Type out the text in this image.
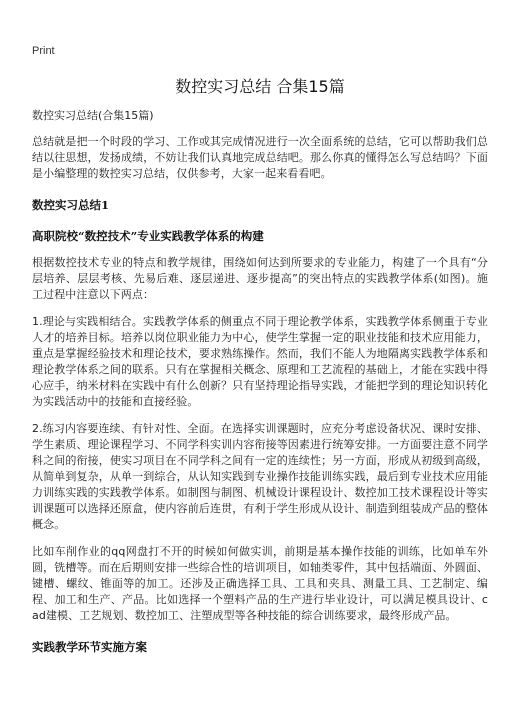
Print
数控实习总结 合集15篇
数控实习总结(合集15篇)
总结就是把一个时段的学习、工作或其完成情况进行一次全面系统的总结，它可以帮助我们总结以往思想，发扬成绩，不妨让我们认真地完成总结吧。那么你真的懂得怎么写总结吗？下面是小编整理的数控实习总结，仅供参考，大家一起来看看吧。
数控实习总结1
高职院校“数控技术”专业实践教学体系的构建
根据数控技术专业的特点和教学规律，围绕如何达到所要求的专业能力，构建了一个具有“分层培养、层层考核、先易后难、逐层递进、逐步提高”的突出特点的实践教学体系(如图)。施工过程中注意以下两点：
1.理论与实践相结合。实践教学体系的侧重点不同于理论教学体系，实践教学体系侧重于专业人才的培养目标。培养以岗位职业能力为中心，使学生掌握一定的职业技能和技术应用能力，重点是掌握经验技术和理论技术，要求熟练操作。然而，我们不能人为地隔离实践教学体系和理论教学体系之间的联系。只有在掌握相关概念、原理和工艺流程的基础上，才能在实践中得心应手，纳米材料在实践中有什么创新？只有坚持理论指导实践，才能把学到的理论知识转化为实践活动中的技能和直接经验。
2.练习内容要连续、有针对性、全面。在选择实训课题时，应充分考虑设备状况、课时安排、学生素质、理论课程学习、不同学科实训内容衔接等因素进行统筹安排。一方面要注意不同学科之间的衔接，使实习项目在不同学科之间有一定的连续性；另一方面，形成从初级到高级，从简单到复杂，从单一到综合，从认知实践到专业操作技能训练实践，最后到专业技术应用能力训练实践的实践教学体系。如制图与制图、机械设计课程设计、数控加工技术课程设计等实训课题可以选择还原盒，使内容前后连贯，有利于学生形成从设计、制造到组装成产品的整体概念。
比如车削作业的qq网盘打不开的时候如何做实训，前期是基本操作技能的训练，比如单车外圆，铣槽等。而在后期则安排一些综合性的培训项目，如轴类零件，其中包括端面、外圆面、键槽、螺纹、锥面等的加工。还涉及正确选择工具、工具和夹具、测量工具、工艺制定、编程、加工和生产、产品。比如选择一个塑料产品的生产进行毕业设计，可以满足模具设计、cad建模、工艺规划、数控加工、注塑成型等各种技能的综合训练要求，最终形成产品。
实践教学环节实施方案
